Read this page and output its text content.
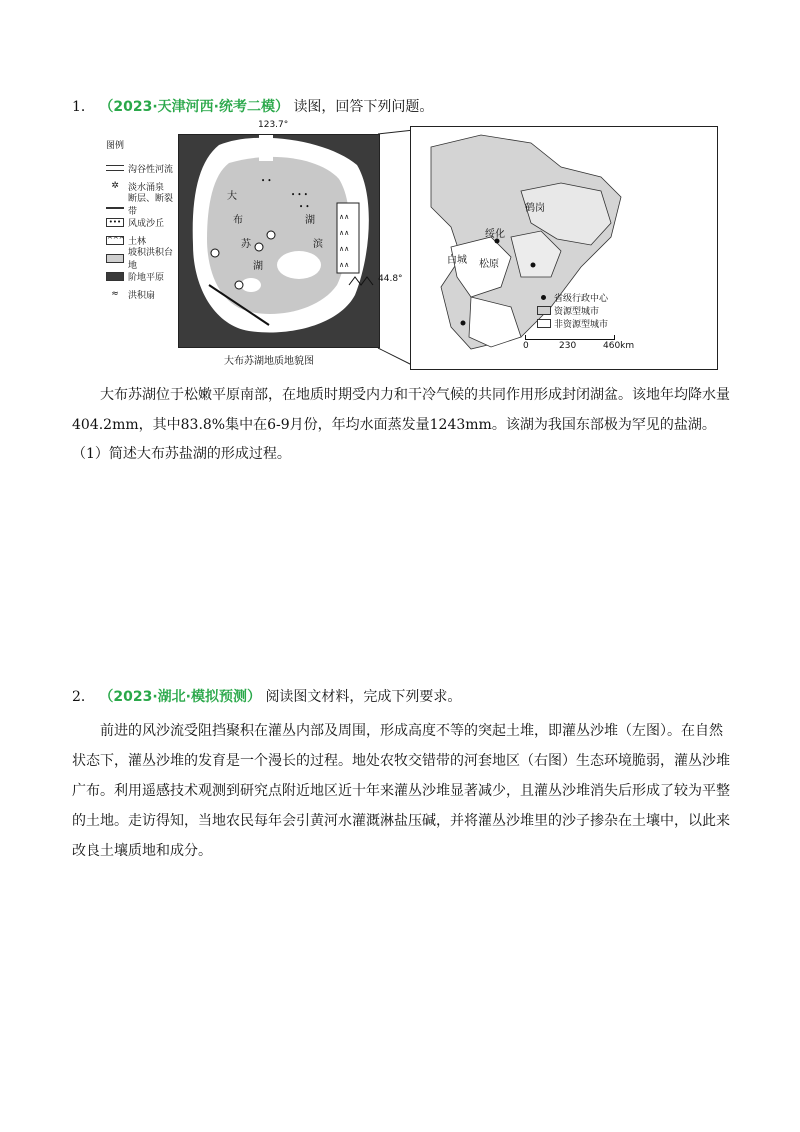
1． （2023·天津河西·统考二模） 读图，回答下列问题。
图例
沟谷性河流
✲	淡水涌泉
断层、断裂带
••• 风成沙丘
^^^ 土林
坡积洪积台地
阶地平原
≈	洪积扇
123.7°
• •
• • •
• •
∧∧
∧∧
∧∧
∧∧
大
布
苏
湖
湖
滨
44.8°
大布苏湖地质地貌图
鹤岗
绥化
白城 松原
省级行政中心
资源型城市
非资源型城市
0	230	460km

大布苏湖位于松嫩平原南部，在地质时期受内力和干冷气候的共同作用形成封闭湖盆。该地年均降水量404.2mm，其中83.8%集中在6-9月份，年均水面蒸发量1243mm。该湖为我国东部极为罕见的盐湖。

（1）简述大布苏盐湖的形成过程。

2． （2023·湖北·模拟预测） 阅读图文材料，完成下列要求。

前进的风沙流受阻挡聚积在灌丛内部及周围，形成高度不等的突起土堆，即灌丛沙堆（左图）。在自然状态下，灌丛沙堆的发育是一个漫长的过程。地处农牧交错带的河套地区（右图）生态环境脆弱，灌丛沙堆广布。利用遥感技术观测到研究点附近地区近十年来灌丛沙堆显著减少，且灌丛沙堆消失后形成了较为平整的土地。走访得知，当地农民每年会引黄河水灌溉淋盐压碱，并将灌丛沙堆里的沙子掺杂在土壤中，以此来改良土壤质地和成分。
